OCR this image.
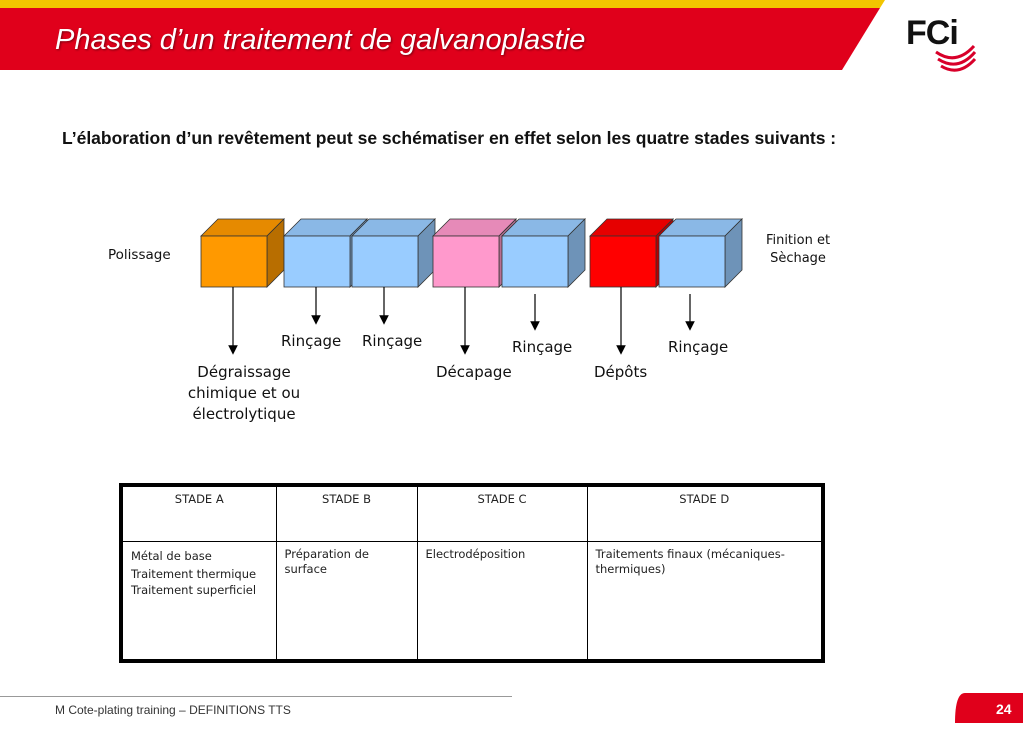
Phases d’un traitement de galvanoplastie	FCi
L’élaboration d’un revêtement peut se schématiser en effet selon les quatre stades suivants :
Polissage
Finition et
Sèchage
Dégraissage
chimique et ou
électrolytique
Rinçage Rinçage
Décapage
Rinçage
Dépôts
Rinçage
STADE A	STADE B	STADE C	STADE D

Métal de base
Traitement thermique
Traitement superficiel	Préparation de surface	Electrodéposition	Traitements finaux (mécaniques-thermiques)
M Cote-plating training – DEFINITIONS TTS	24
